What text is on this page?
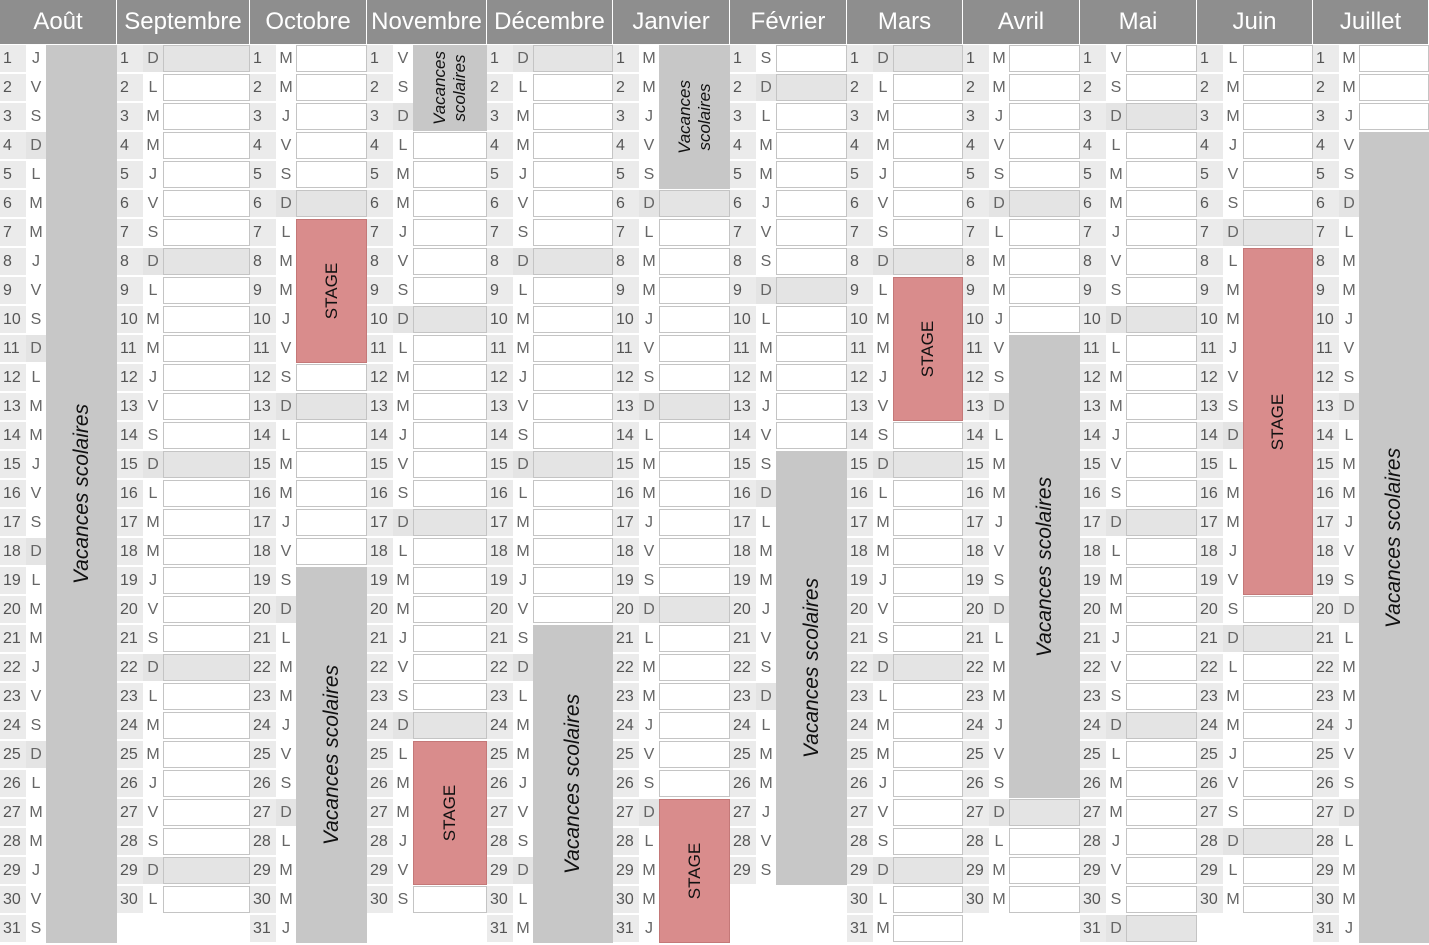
Août
1	J
2	V
3	S
4	D
5	L
6	M
7	M
8	J
9	V
10 S
11 D
12 L
13 M
14 M
15 J
16 V
17 S
18 D
19 L
20 M
21 M
22 J
23 V
24 S
25 D
26 L
27 M
28 M
29 J
30 V
31 S
Vacances scolaires
Septembre
1	D
2	L
3	M
4	M
5	J
6	V
7	S
8	D
9	L
10 M
11 M
12 J
13 V
14 S
15 D
16 L
17 M
18 M
19 J
20 V
21 S
22 D
23 L
24 M
25 M
26 J
27 V
28 S
29 D
30 L
Octobre
1	M
2	M
3	J
4	V
5	S
6	D
7	L
8	M
9	M
10 J
11 V
12 S
13 D
14 L
15 M
16 M
17 J
18 V
19 S
20 D
21 L
22 M
23 M
24 J
25 V
26 S
27 D
28 L
29 M
30 M
31 J
STAGE
Vacances scolaires
Novembre
1	V
2	S
3	D
4	L
5	M
6	M
7	J
8	V
9	S
10 D
11 L
12 M
13 M
14 J
15 V
16 S
17 D
18 L
19 M
20 M
21 J
22 V
23 S
24 D
25 L
26 M
27 M
28 J
29 V
30 S
Vacances
scolaires
STAGE
Décembre
1	D
2	L
3	M
4	M
5	J
6	V
7	S
8	D
9	L
10 M
11 M
12 J
13 V
14 S
15 D
16 L
17 M
18 M
19 J
20 V
21 S
22 D
23 L
24 M
25 M
26 J
27 V
28 S
29 D
30 L
31 M
Vacances scolaires
Janvier
1	M
2	M
3	J
4	V
5	S
6	D
7	L
8	M
9	M
10 J
11 V
12 S
13 D
14 L
15 M
16 M
17 J
18 V
19 S
20 D
21 L
22 M
23 M
24 J
25 V
26 S
27 D
28 L
29 M
30 M
31 J
Vacances
scolaires
STAGE
Février
1	S
2	D
3	L
4	M
5	M
6	J
7	V
8	S
9	D
10 L
11 M
12 M
13 J
14 V
15 S
16 D
17 L
18 M
19 M
20 J
21 V
22 S
23 D
24 L
25 M
26 M
27 J
28 V
29 S
Vacances scolaires
Mars
1	D
2	L
3	M
4	M
5	J
6	V
7	S
8	D
9	L
10 M
11 M
12 J
13 V
14 S
15 D
16 L
17 M
18 M
19 J
20 V
21 S
22 D
23 L
24 M
25 M
26 J
27 V
28 S
29 D
30 L
31 M
STAGE
Avril
1	M
2	M
3	J
4	V
5	S
6	D
7	L
8	M
9	M
10 J
11 V
12 S
13 D
14 L
15 M
16 M
17 J
18 V
19 S
20 D
21 L
22 M
23 M
24 J
25 V
26 S
27 D
28 L
29 M
30 M
Vacances scolaires
Mai
1	V
2	S
3	D
4	L
5	M
6	M
7	J
8	V
9	S
10 D
11 L
12 M
13 M
14 J
15 V
16 S
17 D
18 L
19 M
20 M
21 J
22 V
23 S
24 D
25 L
26 M
27 M
28 J
29 V
30 S
31 D
Juin
1	L
2	M
3	M
4	J
5	V
6	S
7	D
8	L
9	M
10 M
11 J
12 V
13 S
14 D
15 L
16 M
17 M
18 J
19 V
20 S
21 D
22 L
23 M
24 M
25 J
26 V
27 S
28 D
29 L
30 M
STAGE
Juillet
1	M
2	M
3	J
4	V
5	S
6	D
7	L
8	M
9	M
10 J
11 V
12 S
13 D
14 L
15 M
16 M
17 J
18 V
19 S
20 D
21 L
22 M
23 M
24 J
25 V
26 S
27 D
28 L
29 M
30 M
31 J
Vacances scolaires
